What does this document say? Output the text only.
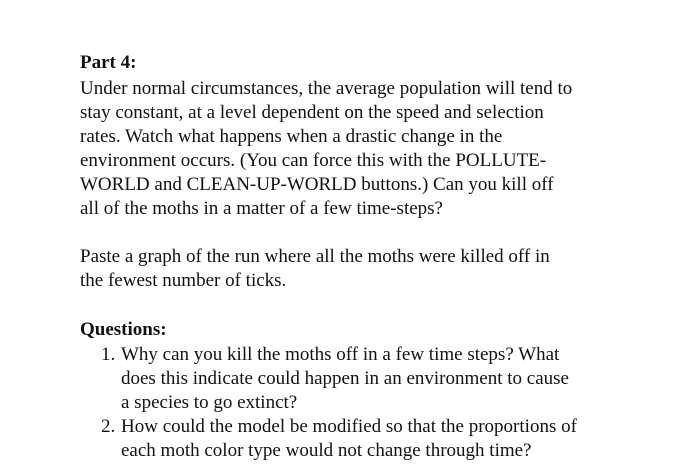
Part 4:
Under normal circumstances, the average population will tend to
stay constant, at a level dependent on the speed and selection
rates. Watch what happens when a drastic change in the
environment occurs. (You can force this with the POLLUTE-
WORLD and CLEAN-UP-WORLD buttons.) Can you kill off
all of the moths in a matter of a few time-steps?
Paste a graph of the run where all the moths were killed off in
the fewest number of ticks.
Questions:
1. Why can you kill the moths off in a few time steps? What
does this indicate could happen in an environment to cause
a species to go extinct?
2. How could the model be modified so that the proportions of
each moth color type would not change through time?
